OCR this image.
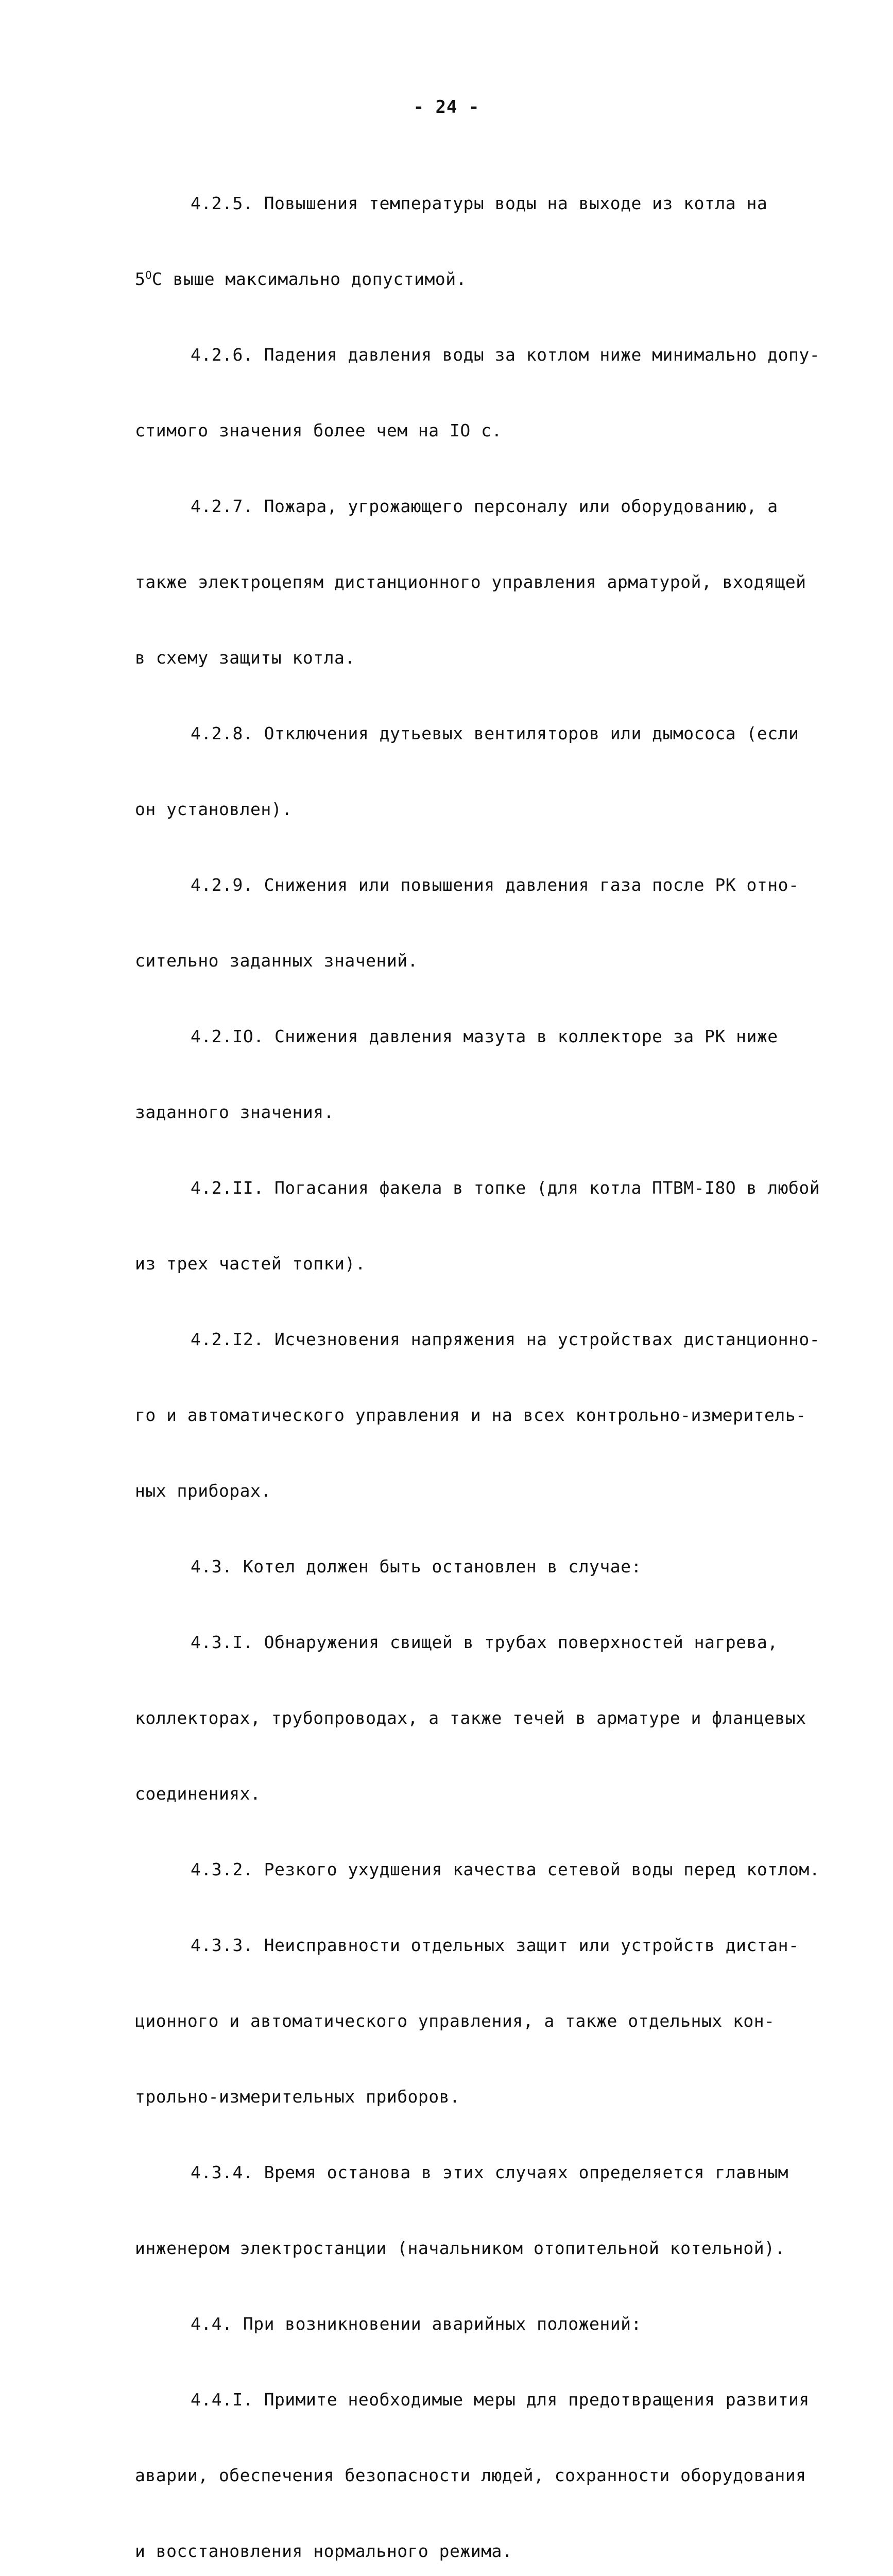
- 24 -

4.2.5. Повышения температуры воды на выходе из котла на

$5^OC$ выше максимально допустимой.

4.2.6. Падения давления воды за котлом ниже минимально допу-

стимого значения более чем на IO с.

4.2.7. Пожара, угрожающего персоналу или оборудованию, а

также электроцепям дистанционного управления арматурой, входящей

в схему защиты котла.

4.2.8. Отключения дутьевых вентиляторов или дымососа (если

он установлен).

4.2.9. Снижения или повышения давления газа после РК отно-

сительно заданных значений.

4.2.IO. Снижения давления мазута в коллекторе за РК ниже

заданного значения.

4.2.II. Погасания факела в топке (для котла ПТВМ-I8O в любой

из трех частей топки).

4.2.I2. Исчезновения напряжения на устройствах дистанционно-

го и автоматического управления и на всех контрольно-измеритель-

ных приборах.

4.3. Котел должен быть остановлен в случае:

4.3.I. Обнаружения свищей в трубах поверхностей нагрева,

коллекторах, трубопроводах, а также течей в арматуре и фланцевых

соединениях.

4.3.2. Резкого ухудшения качества сетевой воды перед котлом.

4.3.3. Неисправности отдельных защит или устройств дистан-

ционного и автоматического управления, а также отдельных кон-

трольно-измерительных приборов.

4.3.4. Время останова в этих случаях определяется главным

инженером электростанции (начальником отопительной котельной).

4.4. При возникновении аварийных положений:

4.4.I. Примите необходимые меры для предотвращения развития

аварии, обеспечения безопасности людей, сохранности оборудования

и восстановления нормального режима.
